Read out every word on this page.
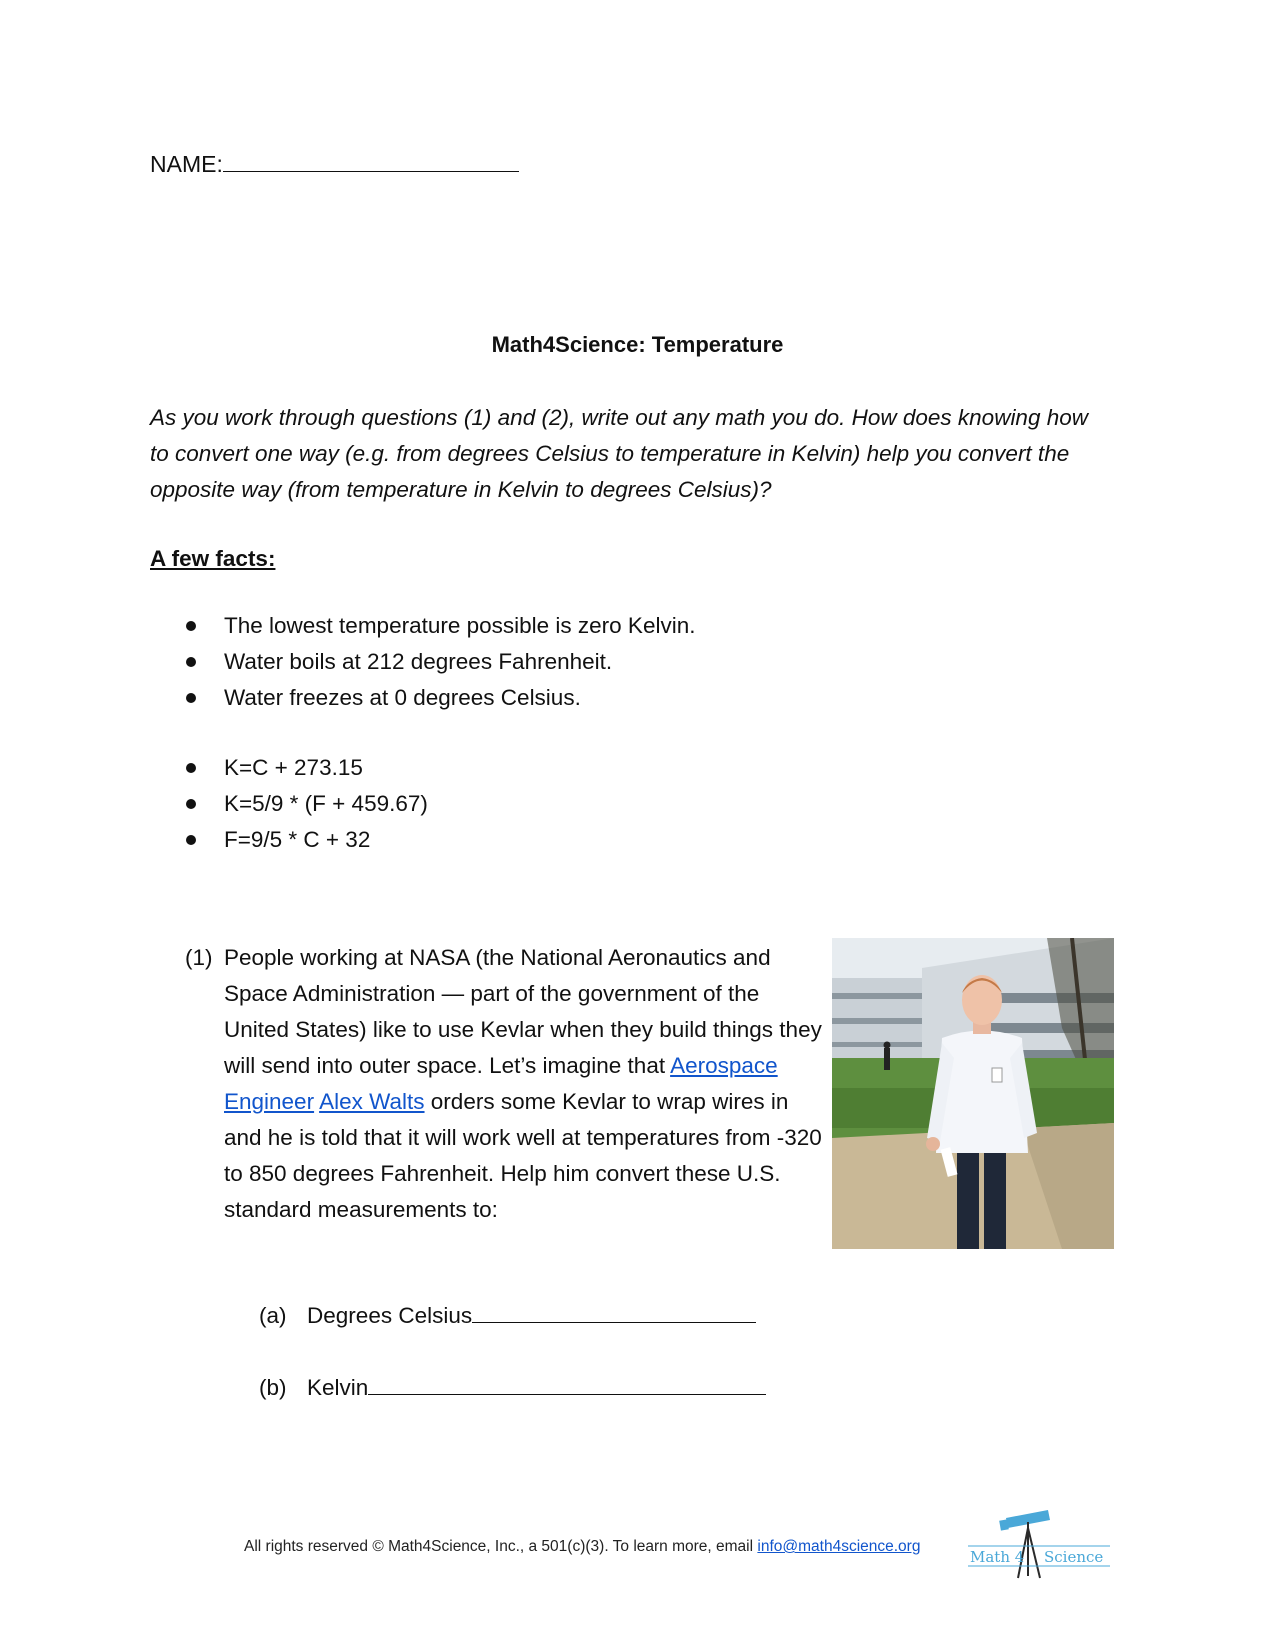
NAME:
Math4Science: Temperature
As you work through questions (1) and (2), write out any math you do. How does knowing how to convert one way (e.g. from degrees Celsius to temperature in Kelvin) help you convert the opposite way (from temperature in Kelvin to degrees Celsius)?
A few facts:
The lowest temperature possible is zero Kelvin.
Water boils at 212 degrees Fahrenheit.
Water freezes at 0 degrees Celsius.
K=C + 273.15
K=5/9 * (F + 459.67)
F=9/5 * C + 32
(1) People working at NASA (the National Aeronautics and Space Administration — part of the government of the United States) like to use Kevlar when they build things they will send into outer space. Let’s imagine that Aerospace Engineer Alex Walts orders some Kevlar to wrap wires in and he is told that it will work well at temperatures from -320 to 850 degrees Fahrenheit. Help him convert these U.S. standard measurements to:
(a) Degrees Celsius
(b) Kelvin
All rights reserved © Math4Science, Inc., a 501(c)(3). To learn more, email info@math4science.org
Math 4 Science
